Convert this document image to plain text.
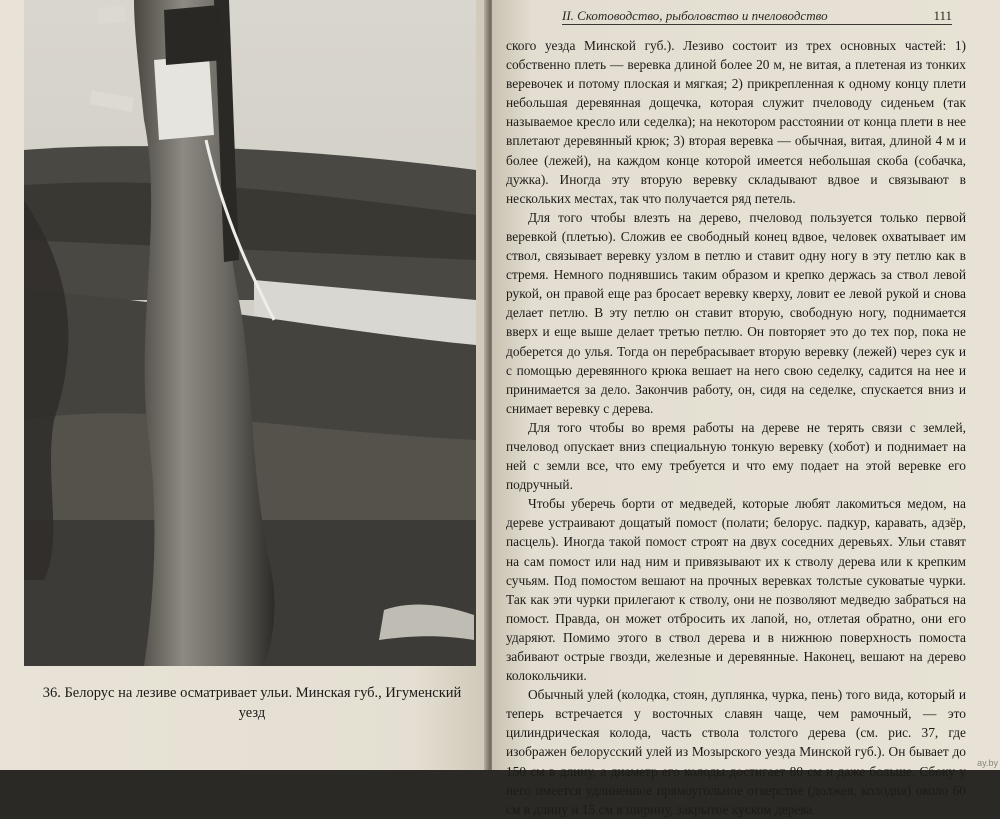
36. Белорус на лезиве осматривает ульи. Минская губ., Игуменский уезд
II. Скотоводство, рыболовство и пчеловодство	111

ского уезда Минской губ.). Лезиво состоит из трех основных частей: 1) собственно плеть — веревка длиной более 20 м, не витая, а плетеная из тонких веревочек и потому плоская и мягкая; 2) прикрепленная к одному концу плети небольшая деревянная дощечка, которая служит пчеловоду сиденьем (так называемое кресло или седелка); на некотором расстоянии от конца плети в нее вплетают деревянный крюк; 3) вторая веревка — обычная, витая, длиной 4 м и более (лежей), на каждом конце которой имеется небольшая скоба (собачка, дужка). Иногда эту вторую веревку складывают вдвое и связывают в нескольких местах, так что получается ряд петель.

Для того чтобы влезть на дерево, пчеловод пользуется только первой веревкой (плетью). Сложив ее свободный конец вдвое, человек охватывает им ствол, связывает веревку узлом в петлю и ставит одну ногу в эту петлю как в стремя. Немного поднявшись таким образом и крепко держась за ствол левой рукой, он правой еще раз бросает веревку кверху, ловит ее левой рукой и снова делает петлю. В эту петлю он ставит вторую, свободную ногу, поднимается вверх и еще выше делает третью петлю. Он повторяет это до тех пор, пока не доберется до улья. Тогда он перебрасывает вторую веревку (лежей) через сук и с помощью деревянного крюка вешает на него свою седелку, садится на нее и принимается за дело. Закончив работу, он, сидя на седелке, спускается вниз и снимает веревку с дерева.

Для того чтобы во время работы на дереве не терять связи с землей, пчеловод опускает вниз специальную тонкую веревку (хобот) и поднимает на ней с земли все, что ему требуется и что ему подает на этой веревке его подручный.

Чтобы уберечь борти от медведей, которые любят лакомиться медом, на дереве устраивают дощатый помост (полати; белорус. падкур, каравать, адзёр, пасцель). Иногда такой помост строят на двух соседних деревьях. Ульи ставят на сам помост или над ним и привязывают их к стволу дерева или к крепким сучьям. Под помостом вешают на прочных веревках толстые суковатые чурки. Так как эти чурки прилегают к стволу, они не позволяют медведю забраться на помост. Правда, он может отбросить их лапой, но, отлетая обратно, они его ударяют. Помимо этого в ствол дерева и в нижнюю поверхность помоста забивают острые гвозди, железные и деревянные. Наконец, вешают на дерево колокольчики.

Обычный улей (колодка, стоян, дуплянка, чурка, пень) того вида, который и теперь встречается у восточных славян чаще, чем рамочный, — это цилиндрическая колода, часть ствола толстого дерева (см. рис. 37, где изображен белорусский улей из Мозырского уезда Минской губ.). Он бывает до 150 см в длину, а диаметр его колоды достигает 80 см и даже больше. Сбоку у него имеется удлиненное прямоугольное отверстие (должея, колодня) около 60 см в длину и 15 см в ширину, закрытое куском дерева

ay.by
